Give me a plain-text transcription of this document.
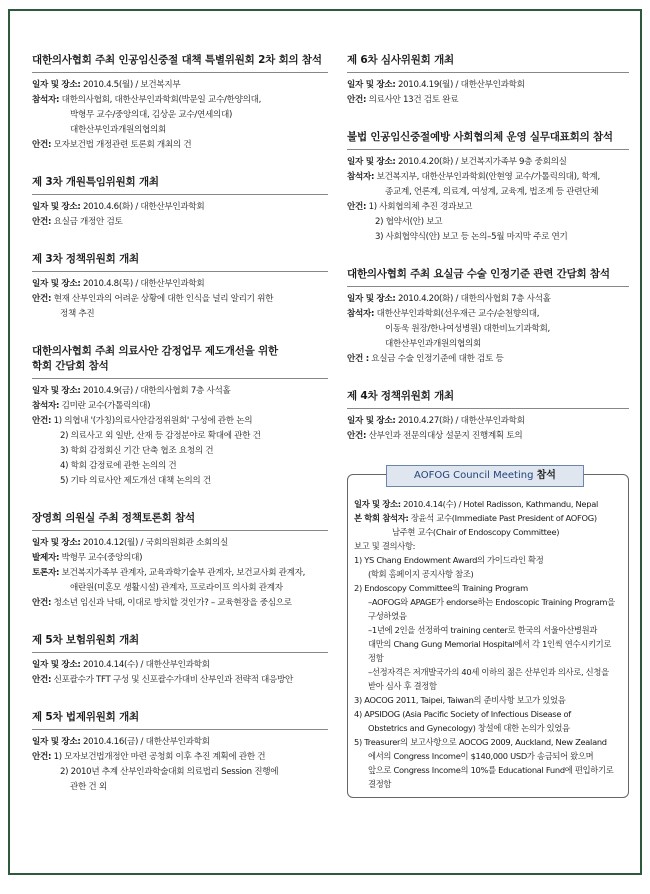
대한의사협회 주최 인공임신중절 대책 특별위원회 2차 회의 참석
일자 및 장소: 2010.4.5(월) / 보건복지부
참석자: 대한의사협회, 대한산부인과학회(박문일 교수/한양의대,
박형무 교수/중앙의대, 김상운 교수/연세의대)
대한산부인과개원의협의회
안건: 모자보건법 개정관련 토론회 개최의 건
제 3차 개원특임위원회 개최
일자 및 장소: 2010.4.6(화) / 대한산부인과학회
안건: 요실금 개정안 검토
제 3차 정책위원회 개최
일자 및 장소: 2010.4.8(목) / 대한산부인과학회
안건: 현재 산부인과의 어려운 상황에 대한 인식을 널리 알리기 위한
정책 추진
대한의사협회 주최 의료사안 감정업무 제도개선을 위한
학회 간담회 참석
일자 및 장소: 2010.4.9(금) / 대한의사협회 7층 사석홀
참석자: 김미란 교수(가톨릭의대)
안건: 1) 의협내 '(가칭)의료사안감정위원회' 구성에 관한 논의
2) 의료사고 외 일반, 산재 등 감정분야로 확대에 관한 건
3) 학회 감정회신 기간 단축 협조 요청의 건
4) 학회 감정료에 관한 논의의 건
5) 기타 의료사안 제도개선 대책 논의의 건
장영희 의원실 주최 정책토론회 참석
일자 및 장소: 2010.4.12(월) / 국회의원회관 소회의실
발제자: 박형무 교수(중앙의대)
토론자: 보건복지가족부 관계자, 교육과학기술부 관계자, 보건교사회 관계자,
애란원(미혼모 생활시설) 관계자, 프로라이프 의사회 관계자
안건: 청소년 임신과 낙태, 이대로 방치할 것인가? – 교육현장을 중심으로
제 5차 보험위원회 개최
일자 및 장소: 2010.4.14(수) / 대한산부인과학회
안건: 신포괄수가 TFT 구성 및 신포괄수가대비 산부인과 전략적 대응방안
제 5차 법제위원회 개최
일자 및 장소: 2010.4.16(금) / 대한산부인과학회
안건: 1) 모자보건법개정안 마련 공청회 이후 추진 계획에 관한 건
2) 2010년 추계 산부인과학술대회 의료법리 Session 진행에
관한 건 외
제 6차 심사위원회 개최
일자 및 장소: 2010.4.19(월) / 대한산부인과학회
안건: 의료사안 13건 검토 완료
불법 인공임신중절예방 사회협의체 운영 실무대표회의 참석
일자 및 장소: 2010.4.20(화) / 보건복지가족부 9층 중회의실
참석자: 보건복지부, 대한산부인과학회(안현영 교수/가톨릭의대), 학계,
종교계, 언론계, 의료계, 여성계, 교육계, 법조계 등 관련단체
안건: 1) 사회협의체 추진 경과보고
2) 협약서(안) 보고
3) 사회협약식(안) 보고 등 논의–5월 마지막 주로 연기
대한의사협회 주최 요실금 수술 인정기준 관련 간담회 참석
일자 및 장소: 2010.4.20(화) / 대한의사협회 7층 사석홀
참석자: 대한산부인과학회(선우재근 교수/순천향의대,
이동욱 원장/한나여성병원) 대한비뇨기과학회,
대한산부인과개원의협의회
안건 : 요실금 수술 인정기준에 대한 검토 등
제 4차 정책위원회 개최
일자 및 장소: 2010.4.27(화) / 대한산부인과학회
안건: 산부인과 전문의대상 설문지 진행계획 토의
AOFOG Council Meeting 참석
일자 및 장소: 2010.4.14(수) / Hotel Radisson, Kathmandu, Nepal
본 학회 참석자: 장윤석 교수(Immediate Past President of AOFOG)
남주현 교수(Chair of Endoscopy Committee)
보고 및 결의사항:
1) YS Chang Endowment Award의 가이드라인 확정
(학회 홈페이지 공지사항 참조)
2) Endoscopy Committee의 Training Program
–AOFOG와 APAGE가 endorse하는 Endoscopic Training Program을
구성하였음
–1년에 2인을 선정하여 training center로 한국의 서울아산병원과
대만의 Chang Gung Memorial Hospital에서 각 1인씩 연수시키기로
정함
–선정자격은 저개발국가의 40세 이하의 젊은 산부인과 의사로, 신청을
받아 심사 후 결정함
3) AOCOG 2011, Taipei, Taiwan의 준비사항 보고가 있었음
4) APSIDOG (Asia Pacific Society of Infectious Disease of
Obstetrics and Gynecology) 창설에 대한 논의가 있었음
5) Treasurer의 보고사항으로 AOCOG 2009, Auckland, New Zealand
에서의 Congress Income이 $140,000 USD가 송금되어 왔으며
앞으로 Congress Income의 10%를 Educational Fund에 편입하기로
결정함
